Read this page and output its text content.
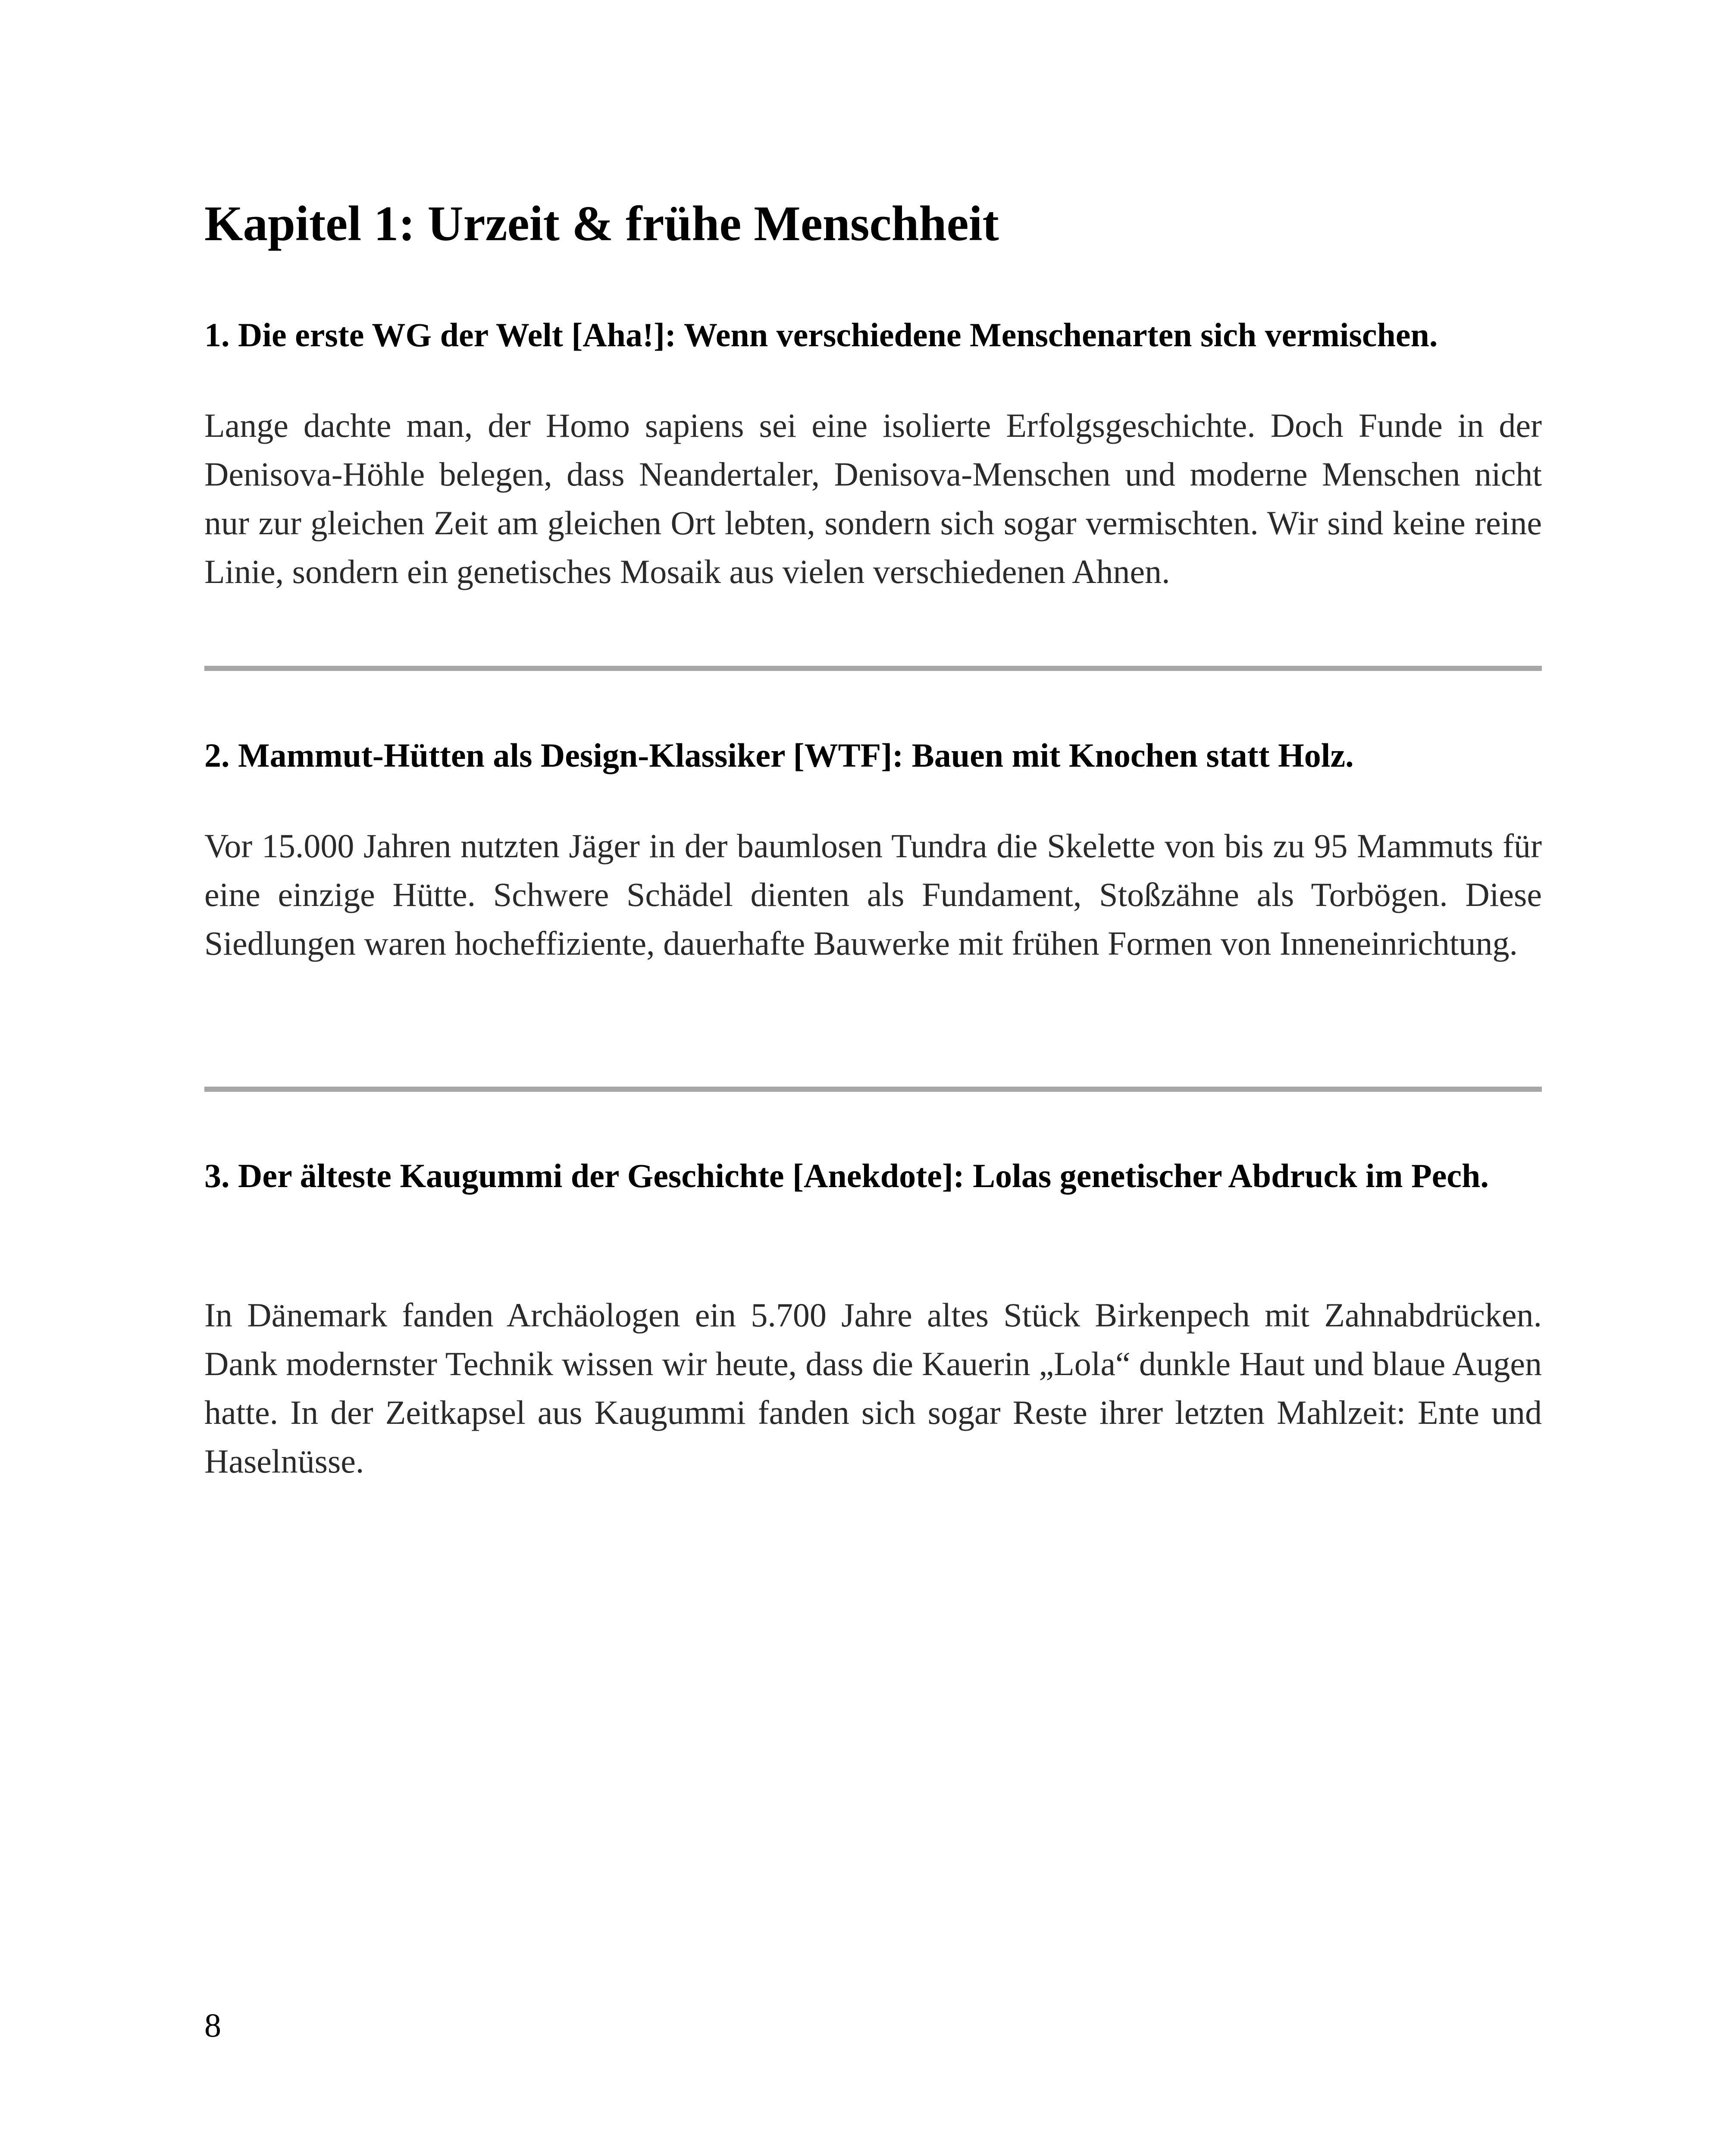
Kapitel 1: Urzeit & frühe Menschheit
1. Die erste WG der Welt [Aha!]: Wenn verschiedene Menschenarten sich vermischen.

Lange dachte man, der Homo sapiens sei eine isolierte Erfolgsgeschichte. Doch Funde in der Denisova-Höhle belegen, dass Neandertaler, Denisova-Menschen und moderne Menschen nicht nur zur gleichen Zeit am gleichen Ort lebten, sondern sich sogar vermischten. Wir sind keine reine Linie, sondern ein genetisches Mosaik aus vielen verschiedenen Ahnen.

2. Mammut-Hütten als Design-Klassiker [WTF]: Bauen mit Knochen statt Holz.

Vor 15.000 Jahren nutzten Jäger in der baumlosen Tundra die Skelette von bis zu 95 Mammuts für eine einzige Hütte. Schwere Schädel dienten als Fundament, Stoßzähne als Torbögen. Diese Siedlungen waren hocheffiziente, dauerhafte Bauwerke mit frühen Formen von Inneneinrichtung.

3. Der älteste Kaugummi der Geschichte [Anekdote]: Lolas genetischer Abdruck im Pech.

In Dänemark fanden Archäologen ein 5.700 Jahre altes Stück Birkenpech mit Zahnabdrücken. Dank modernster Technik wissen wir heute, dass die Kauerin „Lola“ dunkle Haut und blaue Augen hatte. In der Zeitkapsel aus Kaugummi fanden sich sogar Reste ihrer letzten Mahlzeit: Ente und Haselnüsse.

8
